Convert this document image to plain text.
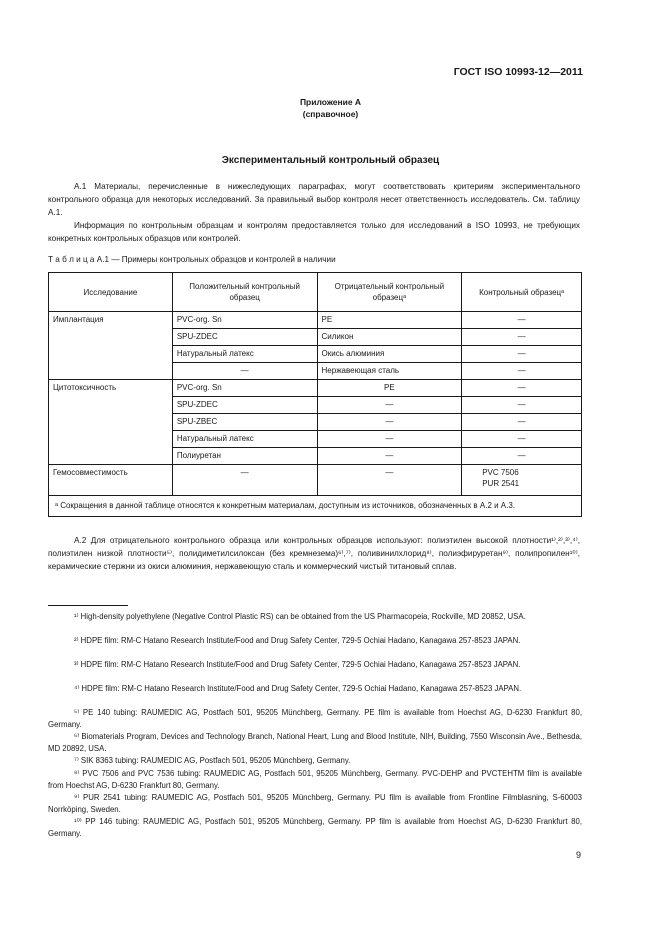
ГОСТ ISO 10993-12—2011
Приложение А
(справочное)
Экспериментальный контрольный образец
А.1 Материалы, перечисленные в нижеследующих параграфах, могут соответствовать критериям экспериментального контрольного образца для некоторых исследований. За правильный выбор контроля несет ответственность исследователь. См. таблицу А.1.
Информация по контрольным образцам и контролям предоставляется только для исследований в ISO 10993, не требующих конкретных контрольных образцов или контролей.
Т а б л и ц а А.1 — Примеры контрольных образцов и контролей в наличии
Исследование	Положительный контрольный образец	Отрицательный контрольный образецᵃ	Контрольный образецᵃ
Имплантация	PVC-org. Sn	PE	—
	SPU-ZDEC	Силикон	—
	Натуральный латекс	Окись алюминия	—
	—	Нержавеющая сталь	—
Цитотоксичность	PVC-org. Sn	PE	—
	SPU-ZDEC	—	—
	SPU-ZBEC	—	—
	Натуральный латекс	—	—
	Полиуретан	—	—
Гемосовместимость	—	—	PVC 7506
PUR 2541
ᵃ Сокращения в данной таблице относятся к конкретным материалам, доступным из источников, обозначенных в А.2 и А.3.			
А.2 Для отрицательного контрольного образца или контрольных образцов используют: полиэтилен высокой плотности¹⁾,²⁾,³⁾,⁴⁾, полиэтилен низкой плотности⁵⁾, полидиметилсилоксан (без кремнезема)⁶⁾,⁷⁾, поливинилхлорид⁸⁾, полиэфируретан⁹⁾, полипропилен¹⁰⁾, керамические стержни из окиси алюминия, нержавеющую сталь и коммерческий чистый титановый сплав.
¹⁾ High-density polyethylene (Negative Control Plastic RS) can be obtained from the US Pharmacopeia, Rockville, MD 20852, USA.
²⁾ HDPE film: RM-C Hatano Research Institute/Food and Drug Safety Center, 729-5 Ochiai Hadano, Kanagawa 257-8523 JAPAN.
³⁾ HDPE film: RM-C Hatano Research Institute/Food and Drug Safety Center, 729-5 Ochiai Hadano, Kanagawa 257-8523 JAPAN.
⁴⁾ HDPE film: RM-C Hatano Research Institute/Food and Drug Safety Center, 729-5 Ochiai Hadano, Kanagawa 257-8523 JAPAN.
⁵⁾ PE 140 tubing: RAUMEDIC AG, Postfach 501, 95205 Münchberg, Germany. PE film is available from Hoechst AG, D-6230 Frankfurt 80, Germany.
⁶⁾ Biomaterials Program, Devices and Technology Branch, National Heart, Lung and Blood Institute, NIH, Building, 7550 Wisconsin Ave., Bethesda, MD 20892, USA.
⁷⁾ SIK 8363 tubing: RAUMEDIC AG, Postfach 501, 95205 Münchberg, Germany.
⁸⁾ PVC 7506 and PVC 7536 tubing: RAUMEDIC AG, Postfach 501, 95205 Münchberg, Germany. PVC-DEHP and PVCTEHTM film is available from Hoechst AG, D-6230 Frankfurt 80, Germany.
⁹⁾ PUR 2541 tubing: RAUMEDIC AG, Postfach 501, 95205 Münchberg, Germany. PU film is available from Frontline Filmblasning, S-60003 Norrköping, Sweden.
¹⁰⁾ PP 146 tubing: RAUMEDIC AG, Postfach 501, 95205 Münchberg, Germany. PP film is available from Hoechst AG, D-6230 Frankfurt 80, Germany.
9
